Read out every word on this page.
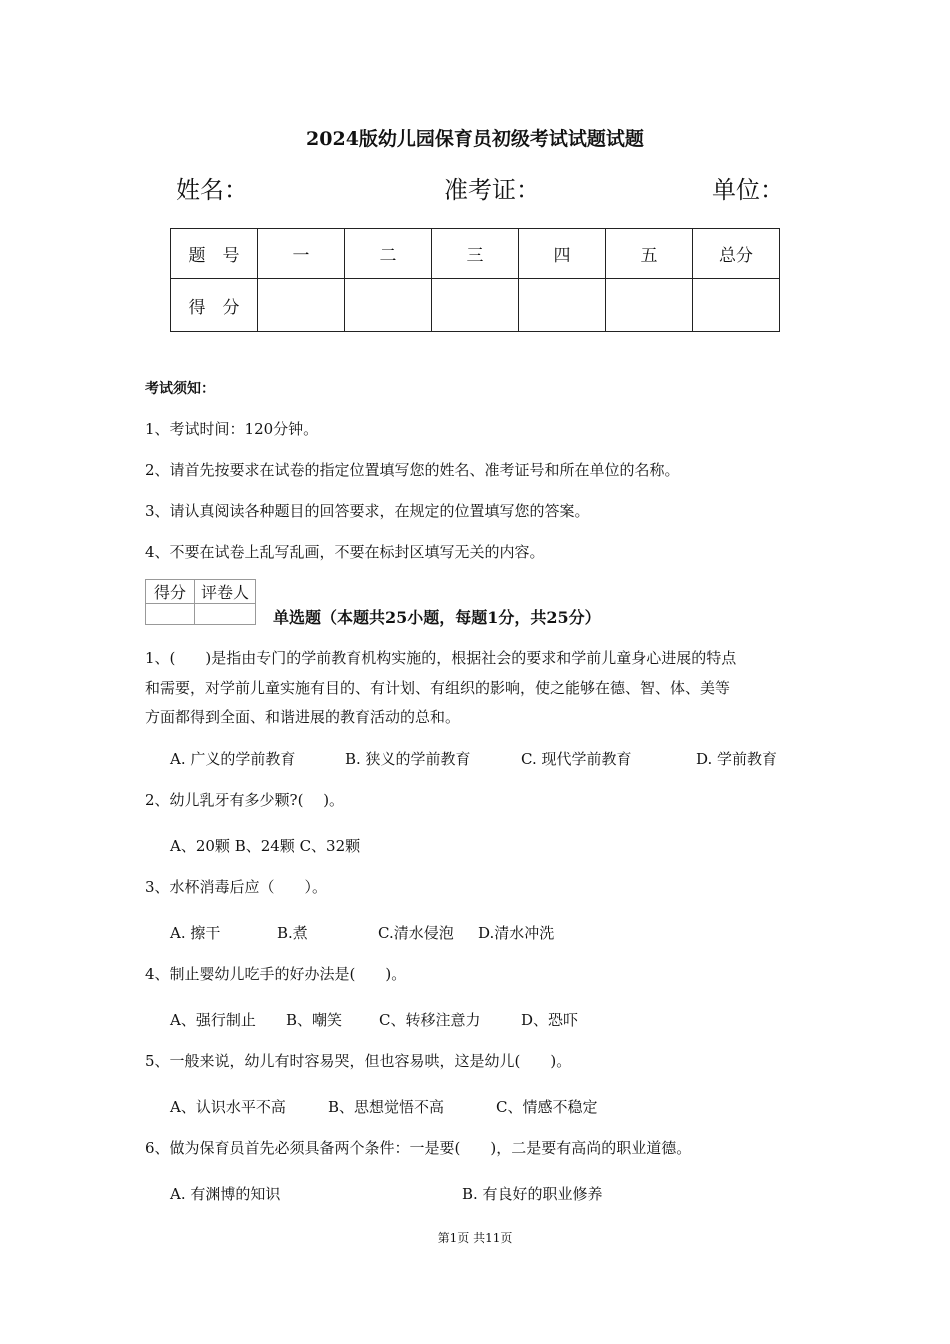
2024版幼儿园保育员初级考试试题试题
姓名：	准考证：	单位：
题　号	一	二	三	四	五	总分
得　分						
考试须知：
1、考试时间：120分钟。
2、请首先按要求在试卷的指定位置填写您的姓名、准考证号和所在单位的名称。
3、请认真阅读各种题目的回答要求，在规定的位置填写您的答案。
4、不要在试卷上乱写乱画，不要在标封区填写无关的内容。
得分	评卷人

单选题（本题共25小题，每题1分，共25分）
1、(　　)是指由专门的学前教育机构实施的，根据社会的要求和学前儿童身心进展的特点
和需要，对学前儿童实施有目的、有计划、有组织的影响，使之能够在德、智、体、美等
方面都得到全面、和谐进展的教育活动的总和。
A. 广义的学前教育	B. 狭义的学前教育	C. 现代学前教育	D. 学前教育
2、幼儿乳牙有多少颗?(　 )。
A、20颗 B、24颗 C、32颗
3、水杯消毒后应（　　）。
A. 擦干	B.煮	C.清水侵泡 D.清水冲洗
4、制止婴幼儿吃手的好办法是(　　)。
A、强行制止 B、嘲笑 C、转移注意力	D、恐吓
5、一般来说，幼儿有时容易哭，但也容易哄，这是幼儿(　　)。
A、认识水平不高	B、思想觉悟不高	C、情感不稳定
6、做为保育员首先必须具备两个条件：一是要(　　)，二是要有高尚的职业道德。
A. 有渊博的知识	B. 有良好的职业修养
第1页 共11页
